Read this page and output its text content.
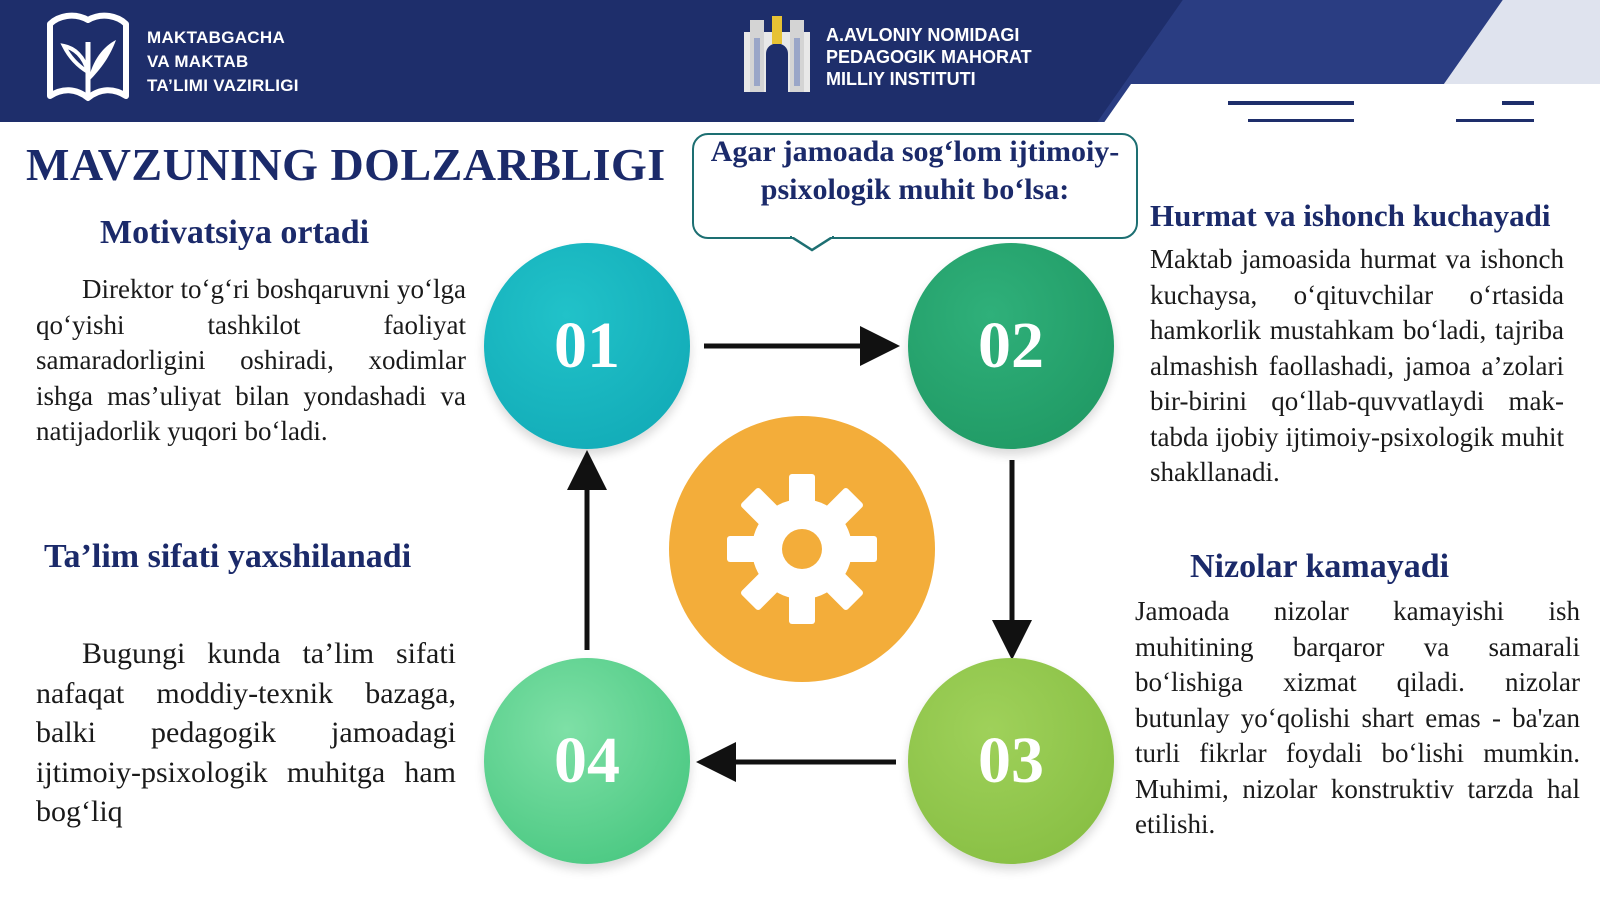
MAKTABGACHA
VA MAKTAB
TA’LIMI VAZIRLIGI
A.AVLONIY NOMIDAGI
PEDAGOGIK MAHORAT
MILLIY INSTITUTI
MAVZUNING DOLZARBLIGI
Motivatsiya ortadi
Direktor to‘g‘ri boshqaruvni yo‘lga qo‘yishi tashkilot faoliyat samaradorligini oshiradi, xodimlar ishga mas’uliyat bilan yondashadi va natijadorlik yuqori bo‘ladi.
Ta’lim sifati yaxshilanadi
Bugungi kunda ta’lim sifati nafaqat moddiy-texnik bazaga, balki pedagogik jamoadagi ijtimoiy-psixologik muhitga ham bog‘liq
Hurmat va ishonch kuchayadi
Maktab jamoasida hurmat va ishonch kuchaysa, o‘qituvchilar o‘rtasida hamkorlik mustahkam bo‘ladi, tajriba almashish faollashadi, jamoa a’zolari bir-birini qo‘llab-quvvatlaydi mak-tabda ijobiy ijtimoiy-psixologik muhit shakllanadi.
Nizolar kamayadi
Jamoada nizolar kamayishi ish muhitining barqaror va samarali bo‘lishiga xizmat qiladi. nizolar butunlay yo‘qolishi shart emas - ba'zan turli fikrlar foydali bo‘lishi mumkin. Muhimi, nizolar konstruktiv tarzda hal etilishi.
Agar jamoada sog‘lom ijtimoiy-psixologik muhit bo‘lsa:
01	02
03
04
